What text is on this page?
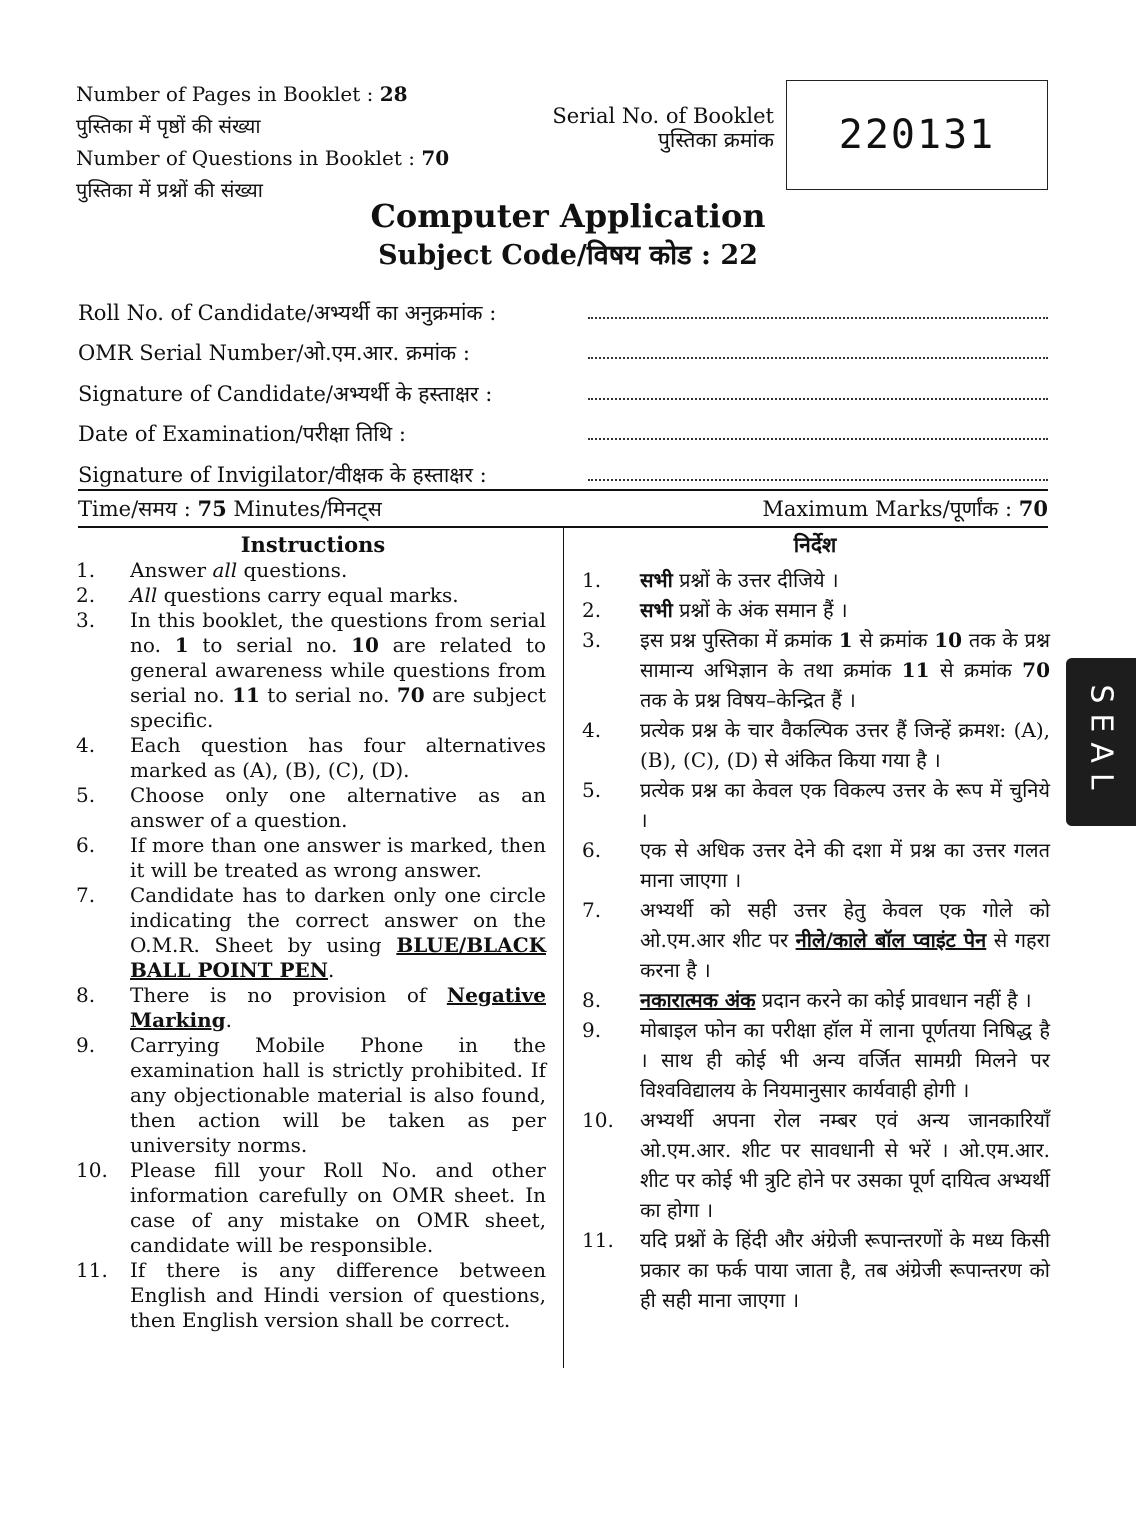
Number of Pages in Booklet : 28
पुस्तिका में पृष्ठों की संख्या
Number of Questions in Booklet : 70
पुस्तिका में प्रश्नों की संख्या
Serial No. of Booklet
पुस्तिका क्रमांक 220131
Computer Application
Subject Code/विषय कोड : 22
Roll No. of Candidate/अभ्यर्थी का अनुक्रमांक :
OMR Serial Number/ओ.एम.आर. क्रमांक :
Signature of Candidate/अभ्यर्थी के हस्ताक्षर :
Date of Examination/परीक्षा तिथि :
Signature of Invigilator/वीक्षक के हस्ताक्षर :
Time/समय : 75 Minutes/मिनट्स	Maximum Marks/पूर्णांक : 70
Instructions
1.	Answer all questions.
2.	All questions carry equal marks.
3.	In this booklet, the questions from serial no. 1 to serial no. 10 are related to general awareness while questions from serial no. 11 to serial no. 70 are subject specific.
4.	Each question has four alternatives marked as (A), (B), (C), (D).
5.	Choose only one alternative as an answer of a question.
6.	If more than one answer is marked, then it will be treated as wrong answer.
7.	Candidate has to darken only one circle indicating the correct answer on the O.M.R. Sheet by using BLUE/BLACK BALL POINT PEN.
8.	There is no provision of Negative Marking.
9.	Carrying Mobile Phone in the examination hall is strictly prohibited. If any objectionable material is also found, then action will be taken as per university norms.
10.	Please fill your Roll No. and other information carefully on OMR sheet. In case of any mistake on OMR sheet, candidate will be responsible.
11.	If there is any difference between English and Hindi version of questions, then English version shall be correct.
निर्देश
1.	सभी प्रश्नों के उत्तर दीजिये ।
2.	सभी प्रश्नों के अंक समान हैं ।
3.	इस प्रश्न पुस्तिका में क्रमांक 1 से क्रमांक 10 तक के प्रश्न सामान्य अभिज्ञान के तथा क्रमांक 11 से क्रमांक 70 तक के प्रश्न विषय–केन्द्रित हैं ।
4.	प्रत्येक प्रश्न के चार वैकल्पिक उत्तर हैं जिन्हें क्रमश: (A), (B), (C), (D) से अंकित किया गया है ।
5.	प्रत्येक प्रश्न का केवल एक विकल्प उत्तर के रूप में चुनिये ।
6.	एक से अधिक उत्तर देने की दशा में प्रश्न का उत्तर गलत माना जाएगा ।
7.	अभ्यर्थी को सही उत्तर हेतु केवल एक गोले को ओ.एम.आर शीट पर नीले/काले बॉल प्वाइंट पेन से गहरा करना है ।
8.	नकारात्मक अंक प्रदान करने का कोई प्रावधान नहीं है ।
9.	मोबाइल फोन का परीक्षा हॉल में लाना पूर्णतया निषिद्ध है । साथ ही कोई भी अन्य वर्जित सामग्री मिलने पर विश्वविद्यालय के नियमानुसार कार्यवाही होगी ।
10.	अभ्यर्थी अपना रोल नम्बर एवं अन्य जानकारियाँ ओ.एम.आर. शीट पर सावधानी से भरें । ओ.एम.आर. शीट पर कोई भी त्रुटि होने पर उसका पूर्ण दायित्व अभ्यर्थी का होगा ।
11.	यदि प्रश्नों के हिंदी और अंग्रेजी रूपान्तरणों के मध्य किसी प्रकार का फर्क पाया जाता है, तब अंग्रेजी रूपान्तरण को ही सही माना जाएगा ।
SEAL
